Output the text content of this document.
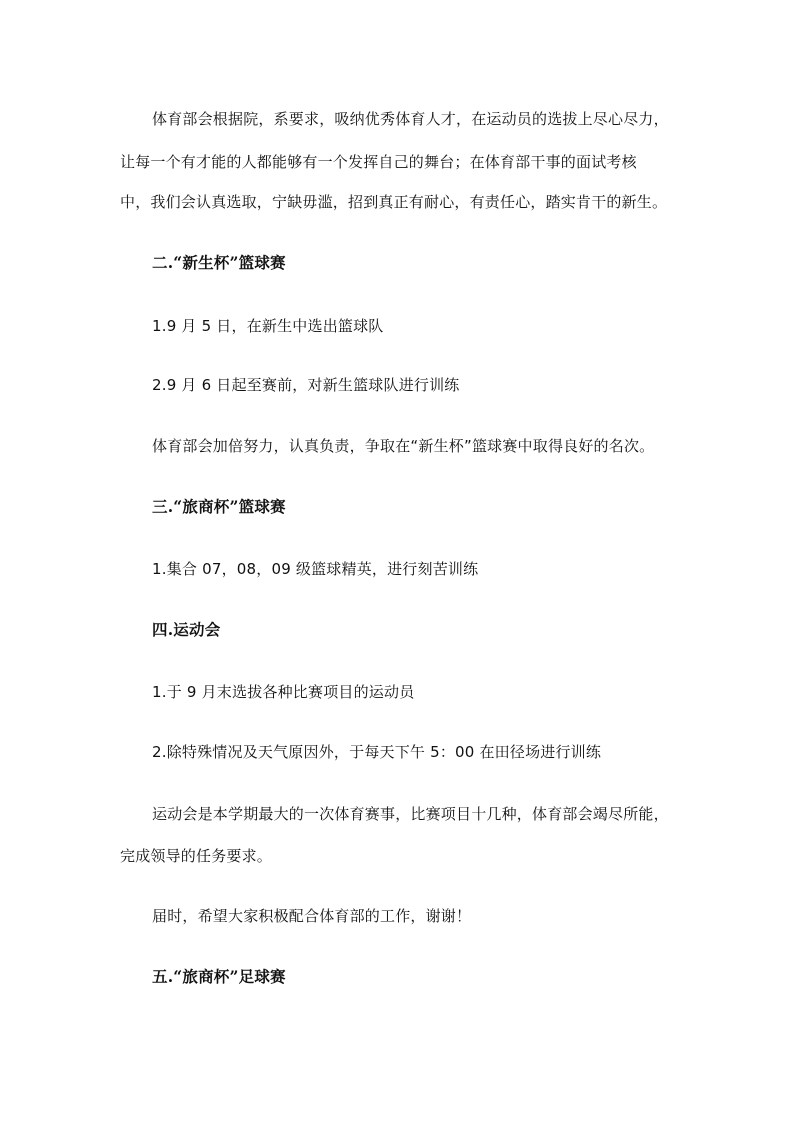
体育部会根据院，系要求，吸纳优秀体育人才，在运动员的选拔上尽心尽力，
让每一个有才能的人都能够有一个发挥自己的舞台；在体育部干事的面试考核
中，我们会认真选取，宁缺毋滥，招到真正有耐心，有责任心，踏实肯干的新生。
二.“新生杯”篮球赛
1.9 月 5 日，在新生中选出篮球队
2.9 月 6 日起至赛前，对新生篮球队进行训练
体育部会加倍努力，认真负责，争取在“新生杯”篮球赛中取得良好的名次。
三.“旅商杯”篮球赛
1.集合 07，08，09 级篮球精英，进行刻苦训练
四.运动会
1.于 9 月末选拔各种比赛项目的运动员
2.除特殊情况及天气原因外，于每天下午 5：00 在田径场进行训练
运动会是本学期最大的一次体育赛事，比赛项目十几种，体育部会竭尽所能，
完成领导的任务要求。
届时，希望大家积极配合体育部的工作，谢谢！
五.“旅商杯”足球赛
